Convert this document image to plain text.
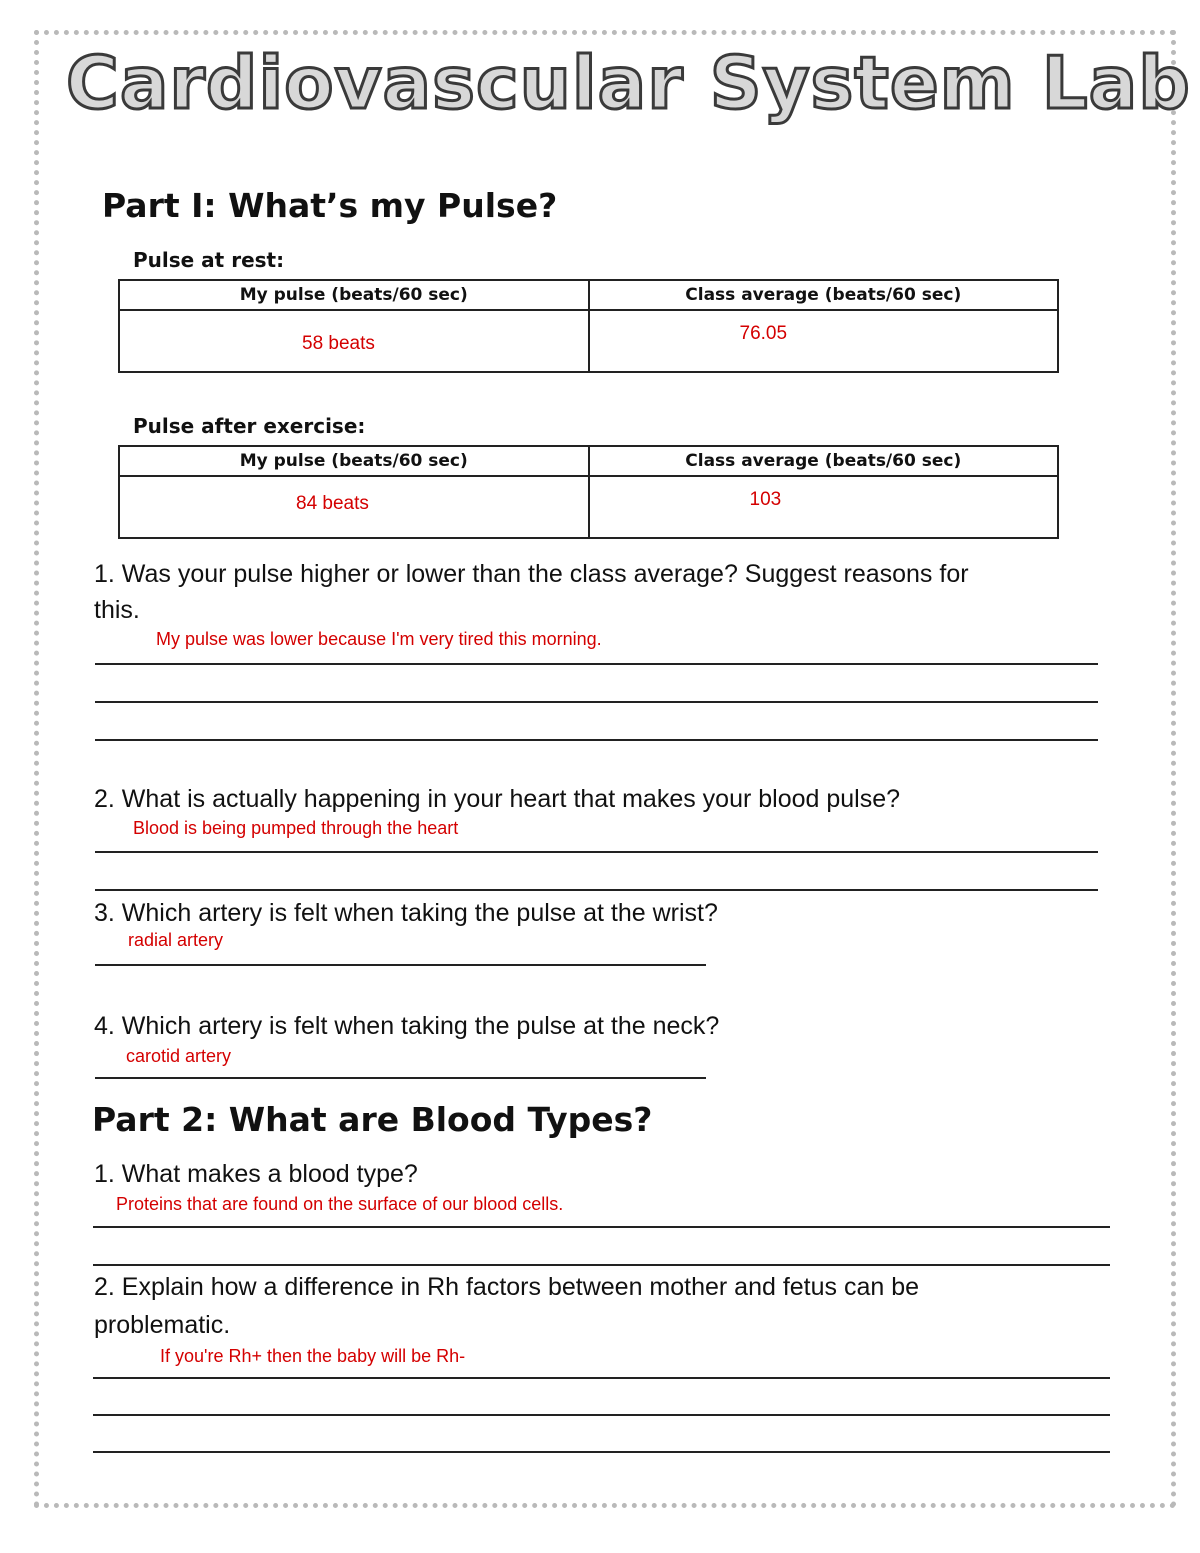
Cardiovascular System Lab
Part I: What’s my Pulse?
Pulse at rest:
My pulse (beats/60 sec)	Class average (beats/60 sec)

58 beats	76.05
Pulse after exercise:
My pulse (beats/60 sec)	Class average (beats/60 sec)

84 beats	103
1. Was your pulse higher or lower than the class average? Suggest reasons for
this.
My pulse was lower because I'm very tired this morning.
2. What is actually happening in your heart that makes your blood pulse?
Blood is being pumped through the heart
3. Which artery is felt when taking the pulse at the wrist?
radial artery
4. Which artery is felt when taking the pulse at the neck?
carotid artery
Part 2: What are Blood Types?
1. What makes a blood type?
Proteins that are found on the surface of our blood cells.
2. Explain how a difference in Rh factors between mother and fetus can be
problematic.
If you're Rh+ then the baby will be Rh-
